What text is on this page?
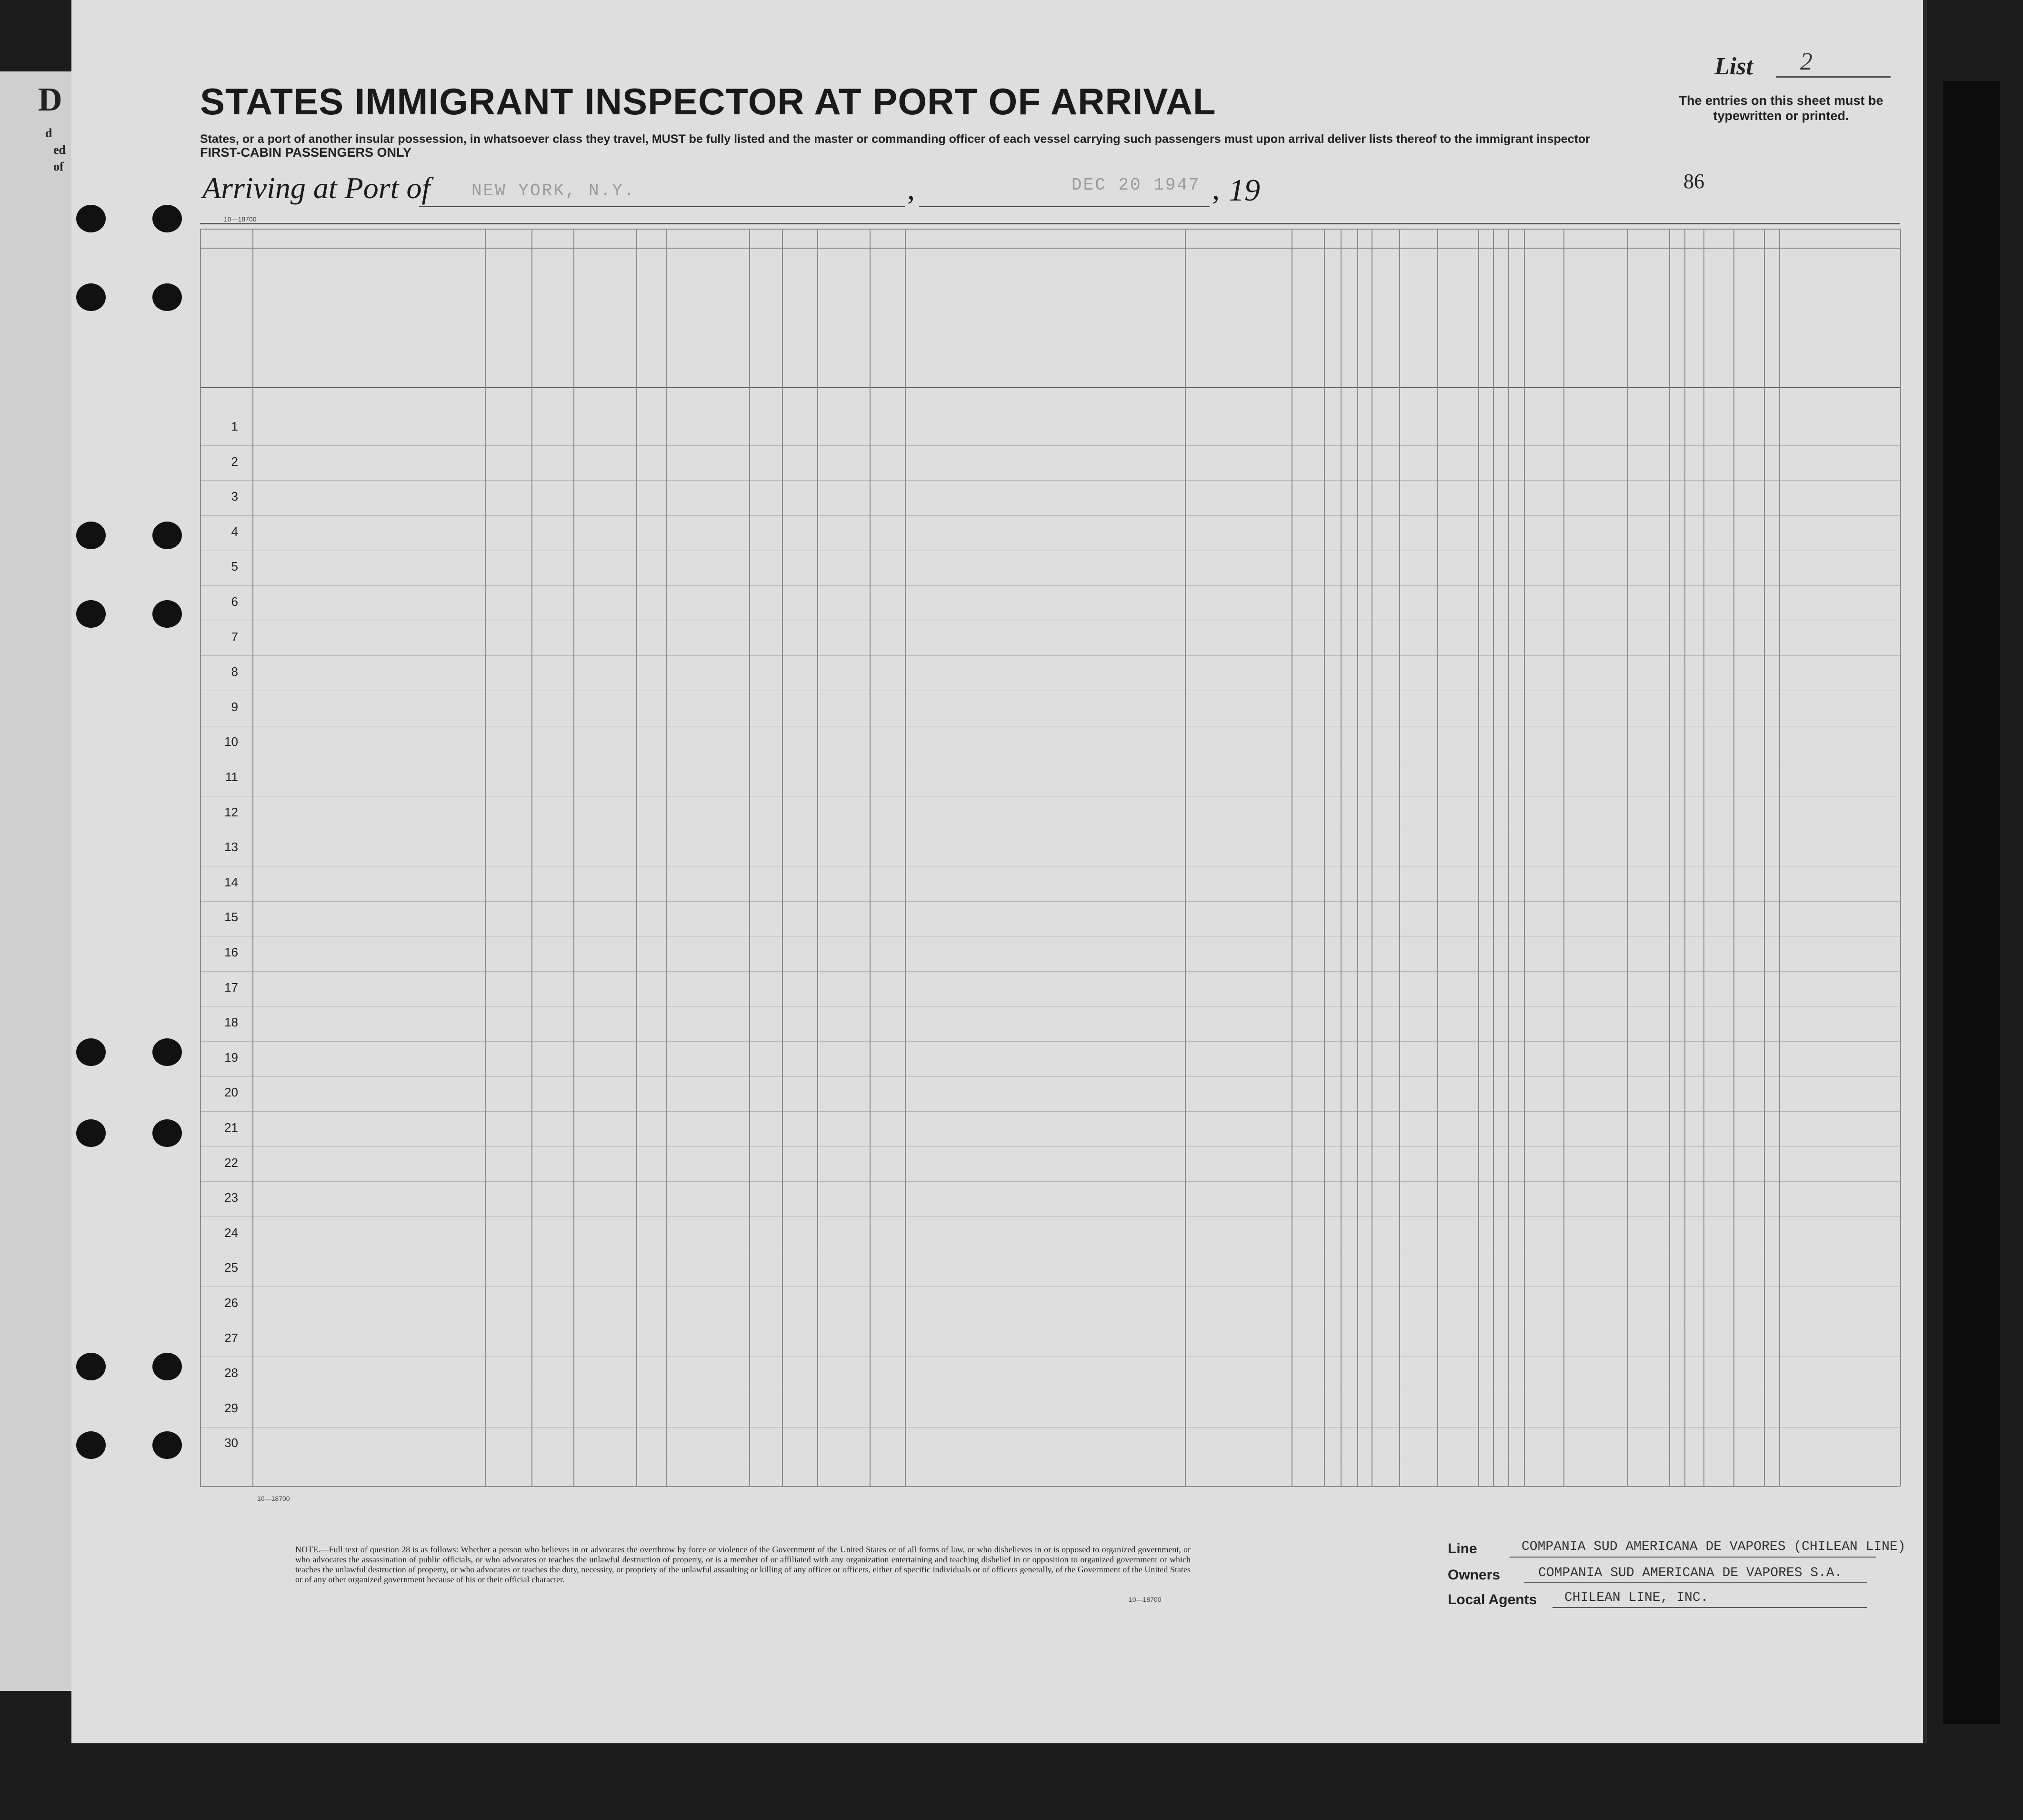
D
d
ed
of
STATES IMMIGRANT INSPECTOR AT PORT OF ARRIVAL
States, or a port of another insular possession, in whatsoever class they travel, MUST be fully listed and the master or commanding officer of each vessel carrying such passengers must upon arrival deliver lists thereof to the immigrant inspector
FIRST-CABIN PASSENGERS ONLY
List 2
The entries on this sheet must be typewritten or printed.
Arriving at Port of NEW YORK, N.Y.	,	DEC 20 1947 , 19	86
10—18700
NOTE.—Full text of question 28 is as follows: Whether a person who believes in or advocates the overthrow by force or violence of the Government of the United States or of all forms of law, or who disbelieves in or is opposed to organized government, or who advocates the assassination of public officials, or who advocates or teaches the unlawful destruction of property, or is a member of or affiliated with any organization entertaining and teaching disbelief in or opposition to organized government or which teaches the unlawful destruction of property, or who advocates or teaches the duty, necessity, or propriety of the unlawful assaulting or killing of any officer or officers, either of specific individuals or of officers generally, of the Government of the United States or of any other organized government because of his or their official character.
10—18700
10—18700
Line	COMPANIA SUD AMERICANA DE VAPORES (CHILEAN LINE)
Owners	COMPANIA SUD AMERICANA DE VAPORES S.A.
Local Agents CHILEAN LINE, INC.
1
2
3
4
5
6
7
8
9
10
11
12
13
14
15
16
17
18
19
20
21
22
23
24
25
26
27
28
29
30
